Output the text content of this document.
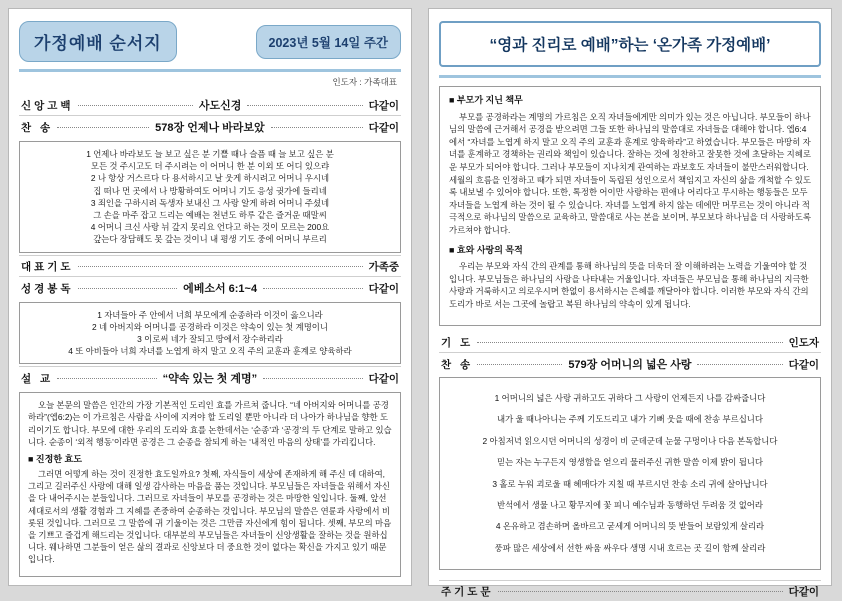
가정예배 순서지	2023년 5월 14일 주간
인도자 : 가족대표
신앙고백	사도신경	다같이
찬 송	578장 언제나 바라보았	다같이

1 언제나 바라보도 늘 보고 싶은 분 기쁠 때나 슬픔 때 늘 보고 싶은 분

모든 것 주시고도 더 주시려는 이 어머니 한 분 이외 또 어디 있으랴

2 나 항상 거스르다 다 용서하시고 날 웃게 하시려고 어머니 우시네

집 떠나 먼 곳에서 나 방황하여도 어머니 기도 응성 귓가에 들리네

3 죄인을 구하시려 독생자 보내신 그 사랑 알게 하려 어머니 주셨네

그 손을 마주 잡고 드리는 예배는 천년도 하루 같은 즐거운 때말씨

4 어머니 크신 사랑 뉘 갚지 못리요 언다고 하는 것이 모르는 200요

갚는다 장담해도 못 갚는 것이니 내 평생 기도 중에 어머니 부르리

대표기도	가족중
성경봉독	에베소서 6:1~4	다같이

1 자녀들아 주 안에서 너희 부모에게 순종하라 이것이 옳으니라

2 네 아버지와 어머니를 공경하라 이것은 약속이 있는 첫 계명이니

3 이로써 네가 잘되고 땅에서 장수하리라

4 또 아비들아 너희 자녀를 노엽게 하지 말고 오직 주의 교훈과 훈계로 양육하라

설 교	“약속 있는 첫 계명”	다같이

오늘 본문의 말씀은 인간의 가장 기본적인 도리인 효를 가르쳐 줍니다. “네 아버지와 어머니를 공경하라”(엡6:2)는 이 가르침은 사람을 사이에 지켜야 할 도리일 뿐만 아니라 더 나아가 하나님을 향한 도리이기도 합니다. 부모에 대한 우리의 도리와 효를 논한데서는 ‘순종’과 ‘공경’의 두 단계로 말하고 있습니다. 순종이 ‘외적 행동’이라면 공경은 그 순종을 참되게 하는 ‘내적인 마음의 상태’를 가리킵니다.

■ 진정한 효도

그러면 어떻게 하는 것이 진정한 효도일까요? 첫째, 자식들이 세상에 존재하게 해 주신 데 대하여, 그리고 길러주신 사랑에 대해 일생 감사하는 마음을 품는 것입니다. 부모님들은 자녀들을 위해서 자신을 다 내어주시는 분들입니다. 그러므로 자녀들이 부모를 공경하는 것은 마땅한 일입니다. 둘째, 앞선 세대로서의 생활 경험과 그 지혜를 존중하여 순종하는 것입니다. 부모님의 말씀은 연륜과 사랑에서 비롯된 것입니다. 그러므로 그 말씀에 귀 기울이는 것은 그만큼 자신에게 힘이 됩니다. 셋째, 부모의 마음을 기쁘고 즐겁게 해드리는 것입니다. 대부분의 부모님들은 자녀들이 신앙생활을 잘하는 것을 원하십니다. 웨나하면 그분들이 얻은 삶의 결과로 신앙보다 더 중요한 것이 없다는 확신을 가지고 있기 때문입니다.

“영과 진리로 예배”하는 ‘온가족 가정예배’
■ 부모가 지닌 책무

부모를 공경하라는 계명의 가르침은 오직 자녀들에게만 의미가 있는 것은 아닙니다. 부모들이 하나님의 말씀에 근거해서 공경을 받으려면 그들 또한 하나님의 말씀대로 자녀들을 대해야 합니다. 엡6:4에서 “자녀를 노엽게 하지 말고 오직 주의 교훈과 훈계로 양육하라”고 하였습니다. 부모들은 마땅히 자녀를 훈계하고 경책하는 권리와 책임이 있습니다. 잘하는 것에 칭찬하고 잘못한 것에 초달하는 지혜로운 부모가 되어야 합니다. 그러나 부모들이 지나치게 관여하는 과보호도 자녀들이 불만스러워합니다. 세월의 흐름을 인정하고 때가 되면 자녀들이 독립된 성인으로서 책임지고 자신의 삶을 개척할 수 있도록 내보낼 수 있어야 합니다. 또한, 톡정한 어이만 사랑하는 편애나 어리다고 무시하는 행동들은 모두 자녀들을 노엽게 하는 것이 될 수 있습니다. 자녀를 노엽게 하지 않는 데에만 머무르는 것이 아니라 적극적으로 하나님의 말씀으로 교육하고, 말씀대로 사는 본을 보이며, 부모보다 하나님을 더 사랑하도록 가르쳐야 합니다.

■ 효와 사랑의 목적

우리는 부모와 자식 간의 관계를 통해 하나님의 뜻을 더욱더 잘 이해하려는 노력을 기울여야 할 것입니다. 부모님들은 하나님의 사랑을 나타내는 거울입니다. 자녀들은 부모님을 통해 하나님의 지극한 사랑과 거룩하시고 의로우시며 한없이 용서하시는 은혜를 깨달아야 합니다. 이러한 부모와 자식 간의 도리가 바로 서는 그곳에 놀랍고 복된 하나님의 약속이 있게 됩니다.

기 도	인도자
찬 송	579장 어머니의 넓은 사랑	다같이

1 어머니의 넓은 사랑 귀하고도 귀하다 그 사랑이 언제든지 나를 감싸줍니다

내가 울 때나아니는 주께 기도드리고 내가 기뻐 웃을 때에 찬송 부르십니다

2 아침저녁 읽으시던 어머니의 성경이 비 군데군데 눈물 구멍이나 다음 본독합니다

믿는 자는 누구든지 영생함을 얻으리 물러주신 귀한 말씀 이제 밝이 됩니다

3 홀로 누워 괴로울 때 헤매다가 지칠 때 부르시던 찬송 소리 귀에 살아납니다

반석에서 생물 나고 황무지에 꽃 피니 예수님과 동행하던 두려움 것 없어라

4 온유하고 겸손하며 올바르고 굳세게 어머니의 뜻 받들어 보람있게 살리라

풍파 많은 세상에서 선한 싸움 싸우다 생명 시내 흐르는 곳 길이 함께 살리라

주기도문	다같이
